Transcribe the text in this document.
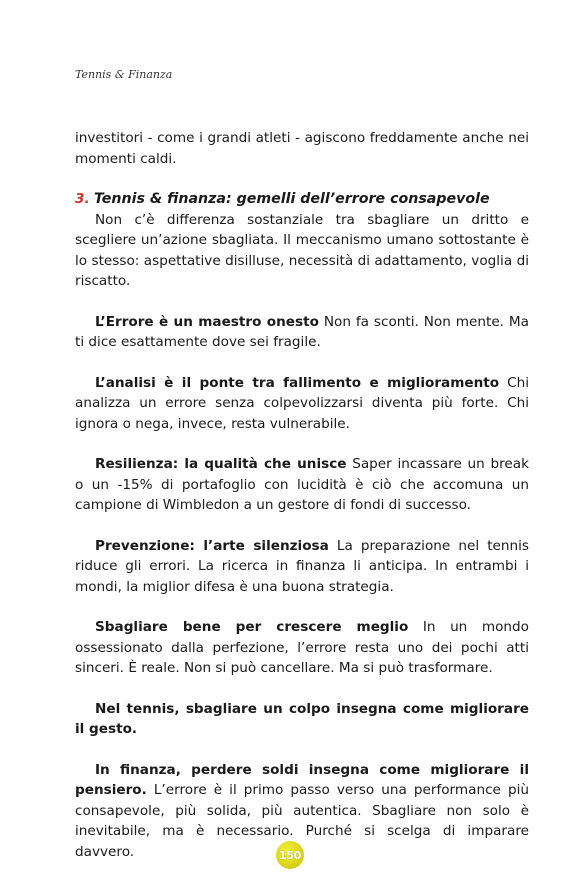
Tennis & Finanza

investitori - come i grandi atleti - agiscono freddamente anche nei momenti caldi.

3. Tennis & finanza: gemelli dell’errore consapevole

Non c’è differenza sostanziale tra sbagliare un dritto e scegliere un’azione sbagliata. Il meccanismo umano sottostante è lo stesso: aspettative disilluse, necessità di adattamento, voglia di riscatto.

L’Errore è un maestro onesto Non fa sconti. Non mente. Ma ti dice esattamente dove sei fragile.

L’analisi è il ponte tra fallimento e miglioramento Chi analizza un errore senza colpevolizzarsi diventa più forte. Chi ignora o nega, invece, resta vulnerabile.

Resilienza: la qualità che unisce Saper incassare un break o un -15% di portafoglio con lucidità è ciò che accomuna un campione di Wimbledon a un gestore di fondi di successo.

Prevenzione: l’arte silenziosa La preparazione nel tennis riduce gli errori. La ricerca in finanza li anticipa. In entrambi i mondi, la miglior difesa è una buona strategia.

Sbagliare bene per crescere meglio In un mondo ossessionato dalla perfezione, l’errore resta uno dei pochi atti sinceri. È reale. Non si può cancellare. Ma si può trasformare.

Nel tennis, sbagliare un colpo insegna come migliorare il gesto.

In finanza, perdere soldi insegna come migliorare il pensiero. L’errore è il primo passo verso una performance più consapevole, più solida, più autentica. Sbagliare non solo è inevitabile, ma è necessario. Purché si scelga di imparare davvero.	150
